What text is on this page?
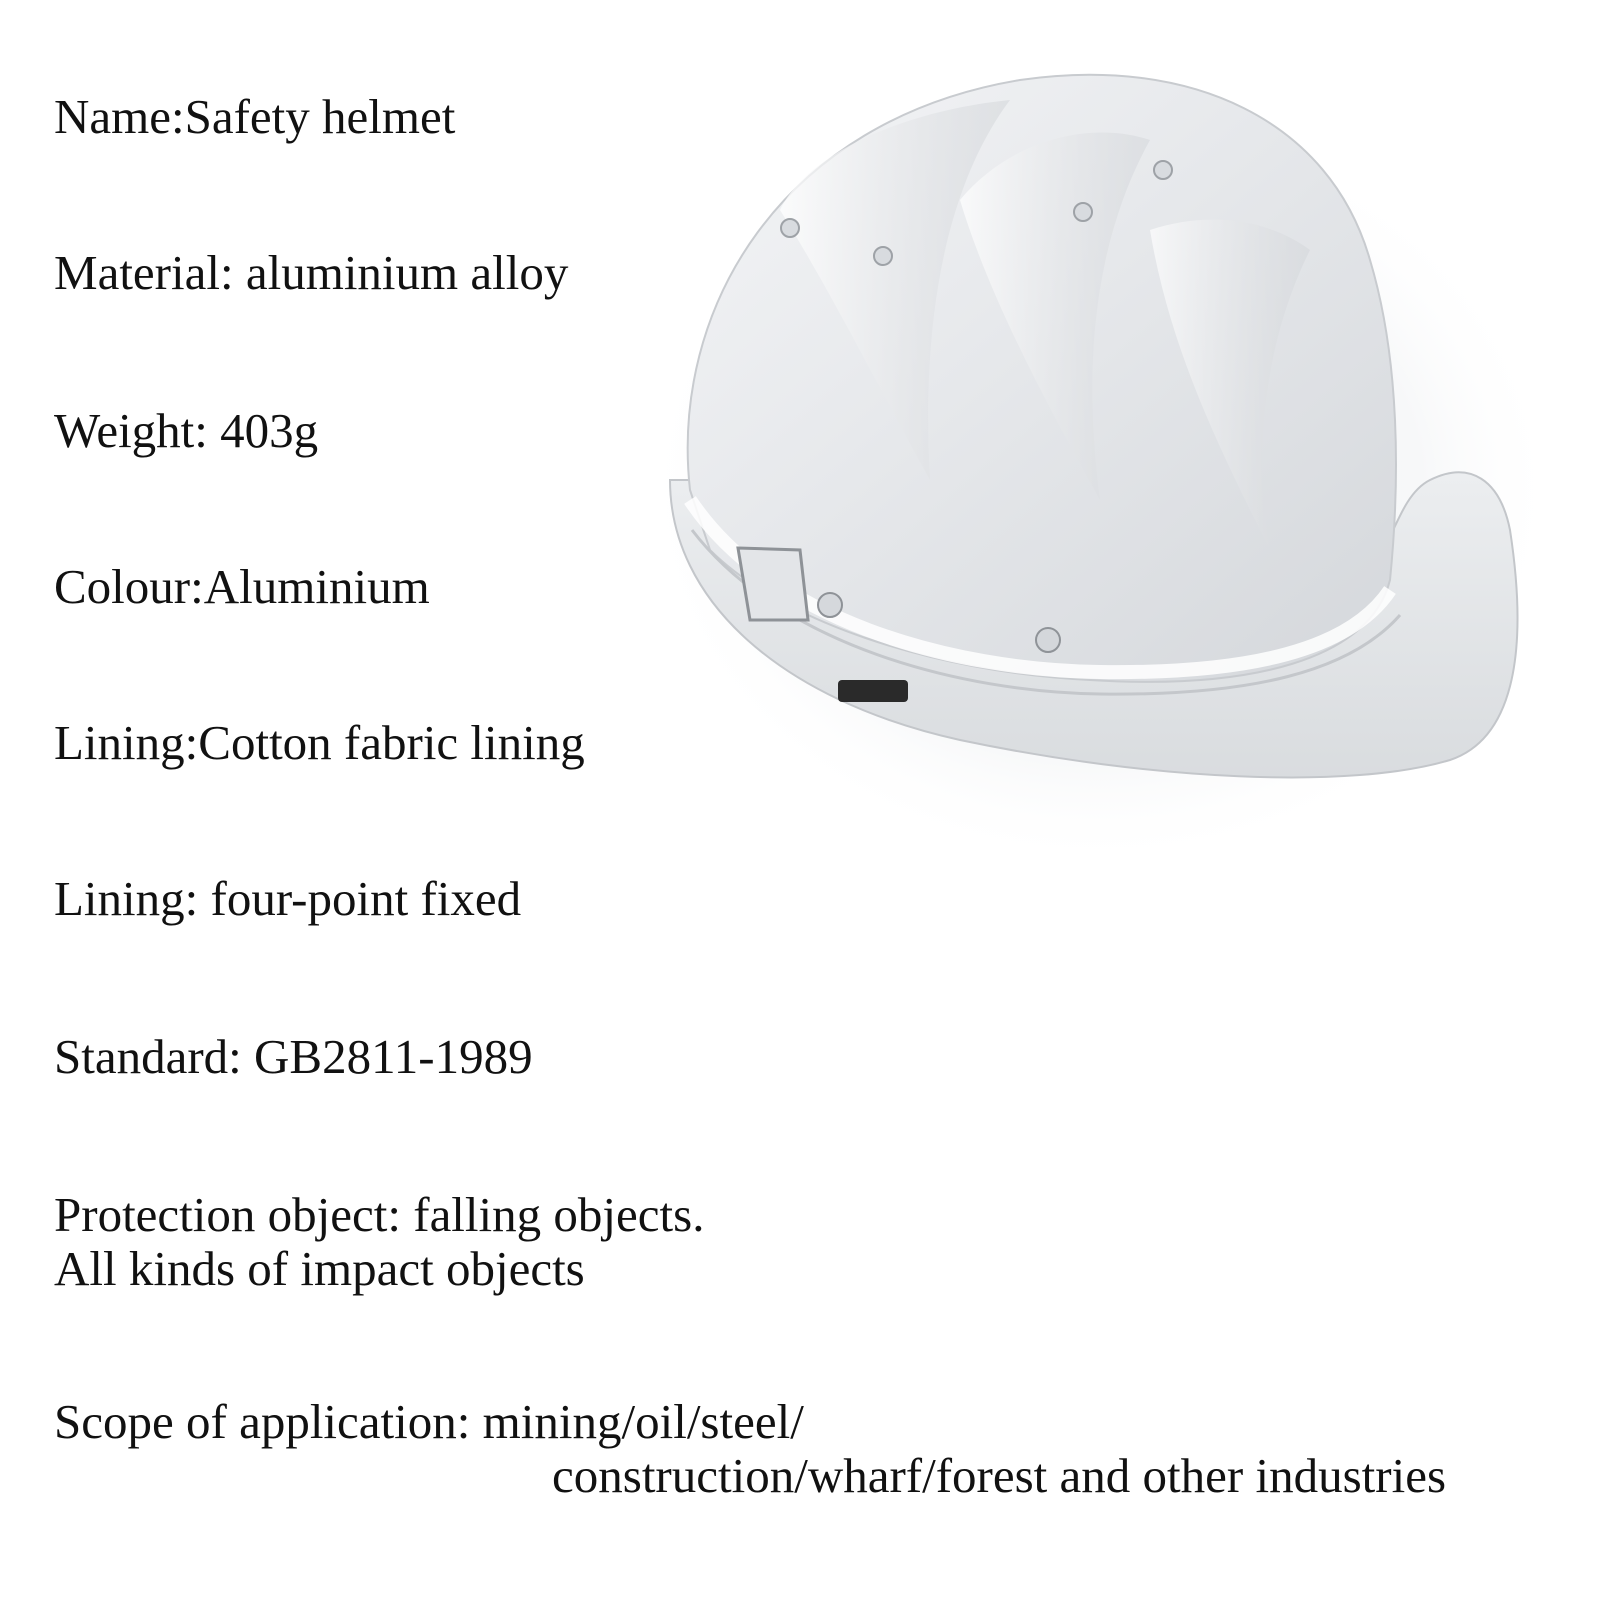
Name:Safety helmet

Material: aluminium alloy

Weight: 403g

Colour:Aluminium

Lining:Cotton fabric lining

Lining: four-point fixed

Standard: GB2811-1989

Protection object: falling objects.
All kinds of impact objects

Scope of application: mining/oil/steel/
construction/wharf/forest and other industries
